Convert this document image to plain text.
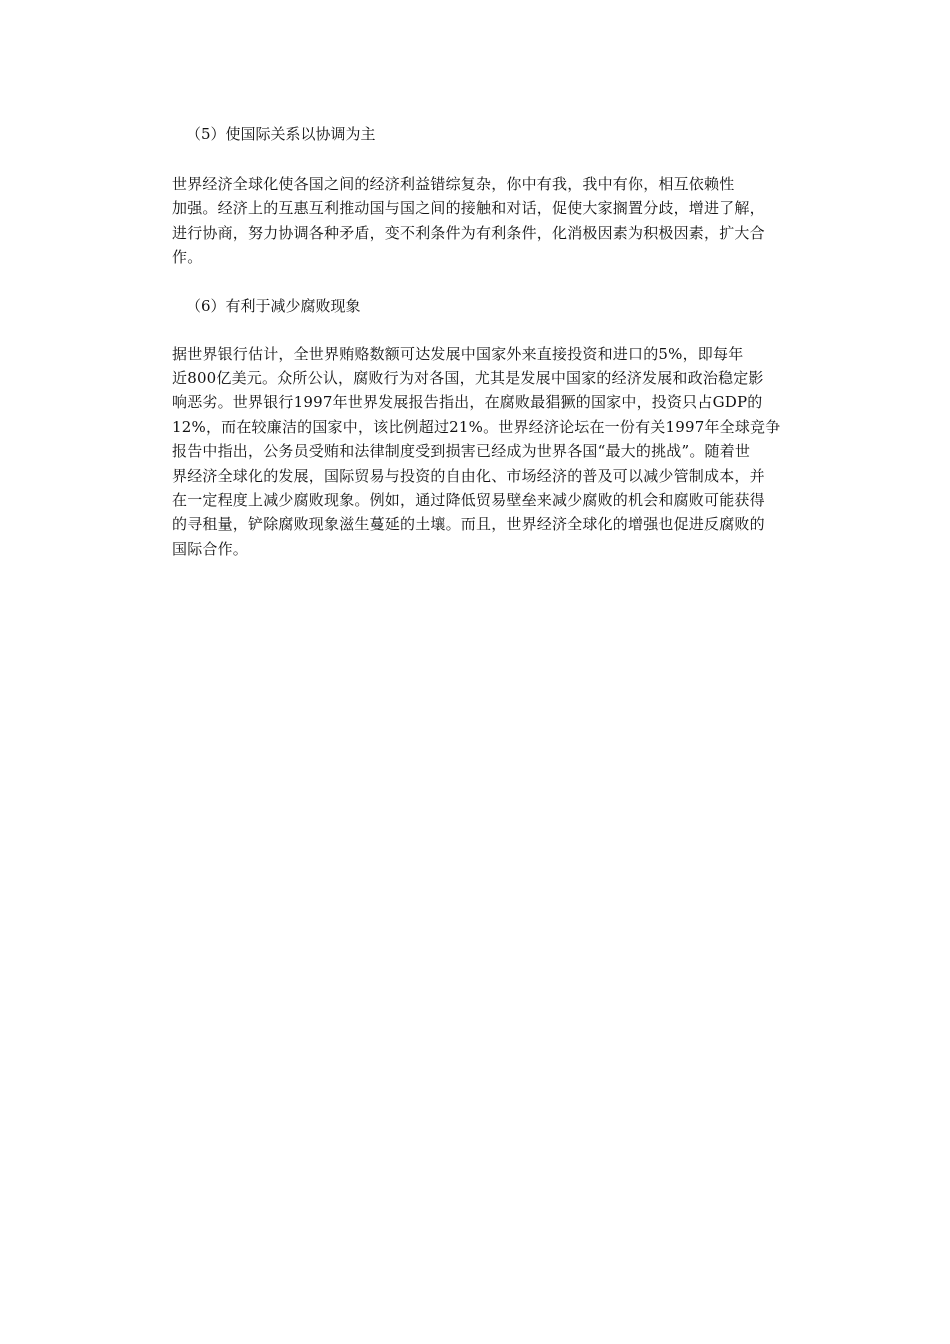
（5）使国际关系以协调为主

世界经济全球化使各国之间的经济利益错综复杂，你中有我，我中有你，相互依赖性
加强。经济上的互惠互利推动国与国之间的接触和对话，促使大家搁置分歧，增进了解，
进行协商，努力协调各种矛盾，变不利条件为有利条件，化消极因素为积极因素，扩大合
作。

（6）有利于减少腐败现象

据世界银行估计，全世界贿赂数额可达发展中国家外来直接投资和进口的5%，即每年
近800亿美元。众所公认，腐败行为对各国，尤其是发展中国家的经济发展和政治稳定影
响恶劣。世界银行1997年世界发展报告指出，在腐败最猖獗的国家中，投资只占GDP的
12%，而在较廉洁的国家中，该比例超过21%。世界经济论坛在一份有关1997年全球竞争
报告中指出，公务员受贿和法律制度受到损害已经成为世界各国“最大的挑战”。随着世
界经济全球化的发展，国际贸易与投资的自由化、市场经济的普及可以减少管制成本，并
在一定程度上减少腐败现象。例如，通过降低贸易壁垒来减少腐败的机会和腐败可能获得
的寻租量，铲除腐败现象滋生蔓延的土壤。而且，世界经济全球化的增强也促进反腐败的
国际合作。
